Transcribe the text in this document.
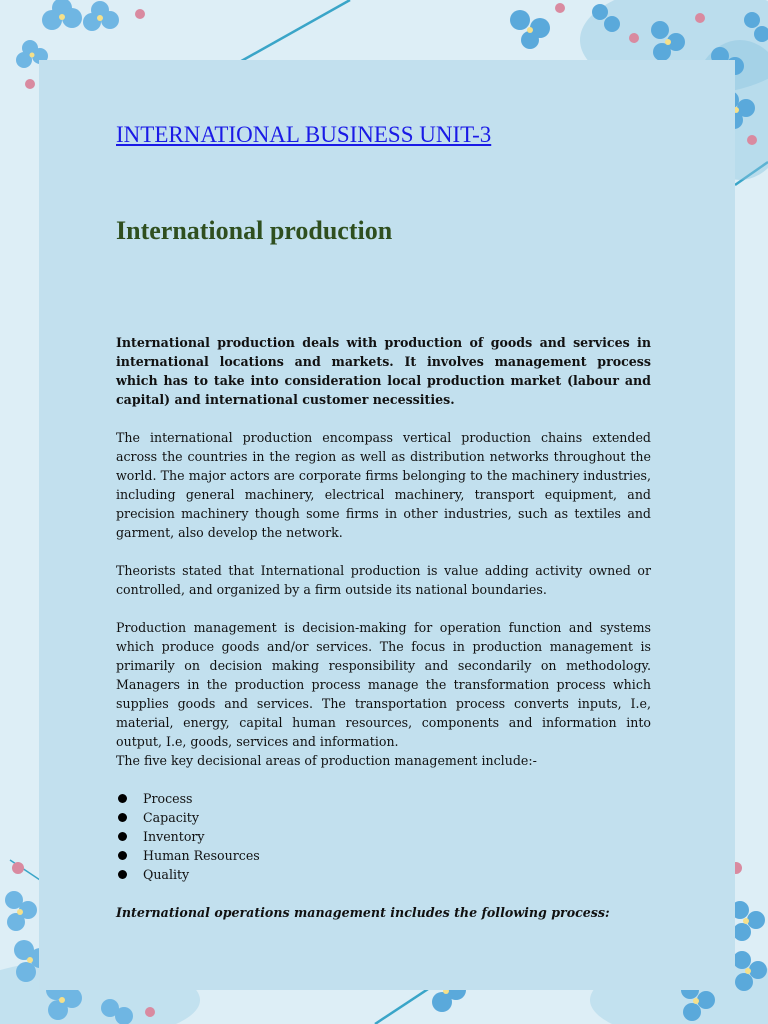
INTERNATIONAL BUSINESS UNIT-3
International production

International production deals with production of goods and services in international locations and markets. It involves management process which has to take into consideration local production market (labour and capital) and international customer necessities.

The international production encompass vertical production chains extended across the countries in the region as well as distribution networks throughout the world. The major actors are corporate firms belonging to the machinery industries, including general machinery, electrical machinery, transport equipment, and precision machinery though some firms in other industries, such as textiles and garment, also develop the network.

Theorists stated that International production is value adding activity owned or controlled, and organized by a firm outside its national boundaries.

Production management is decision-making for operation function and systems which produce goods and/or services. The focus in production management is primarily on decision making responsibility and secondarily on methodology. Managers in the production process manage the transformation process which supplies goods and services. The transportation process converts inputs, I.e, material, energy, capital human resources, components and information into output, I.e, goods, services and information.

The five key decisional areas of production management include:-

Process
Capacity
Inventory
Human Resources
Quality

International operations management includes the following process:
